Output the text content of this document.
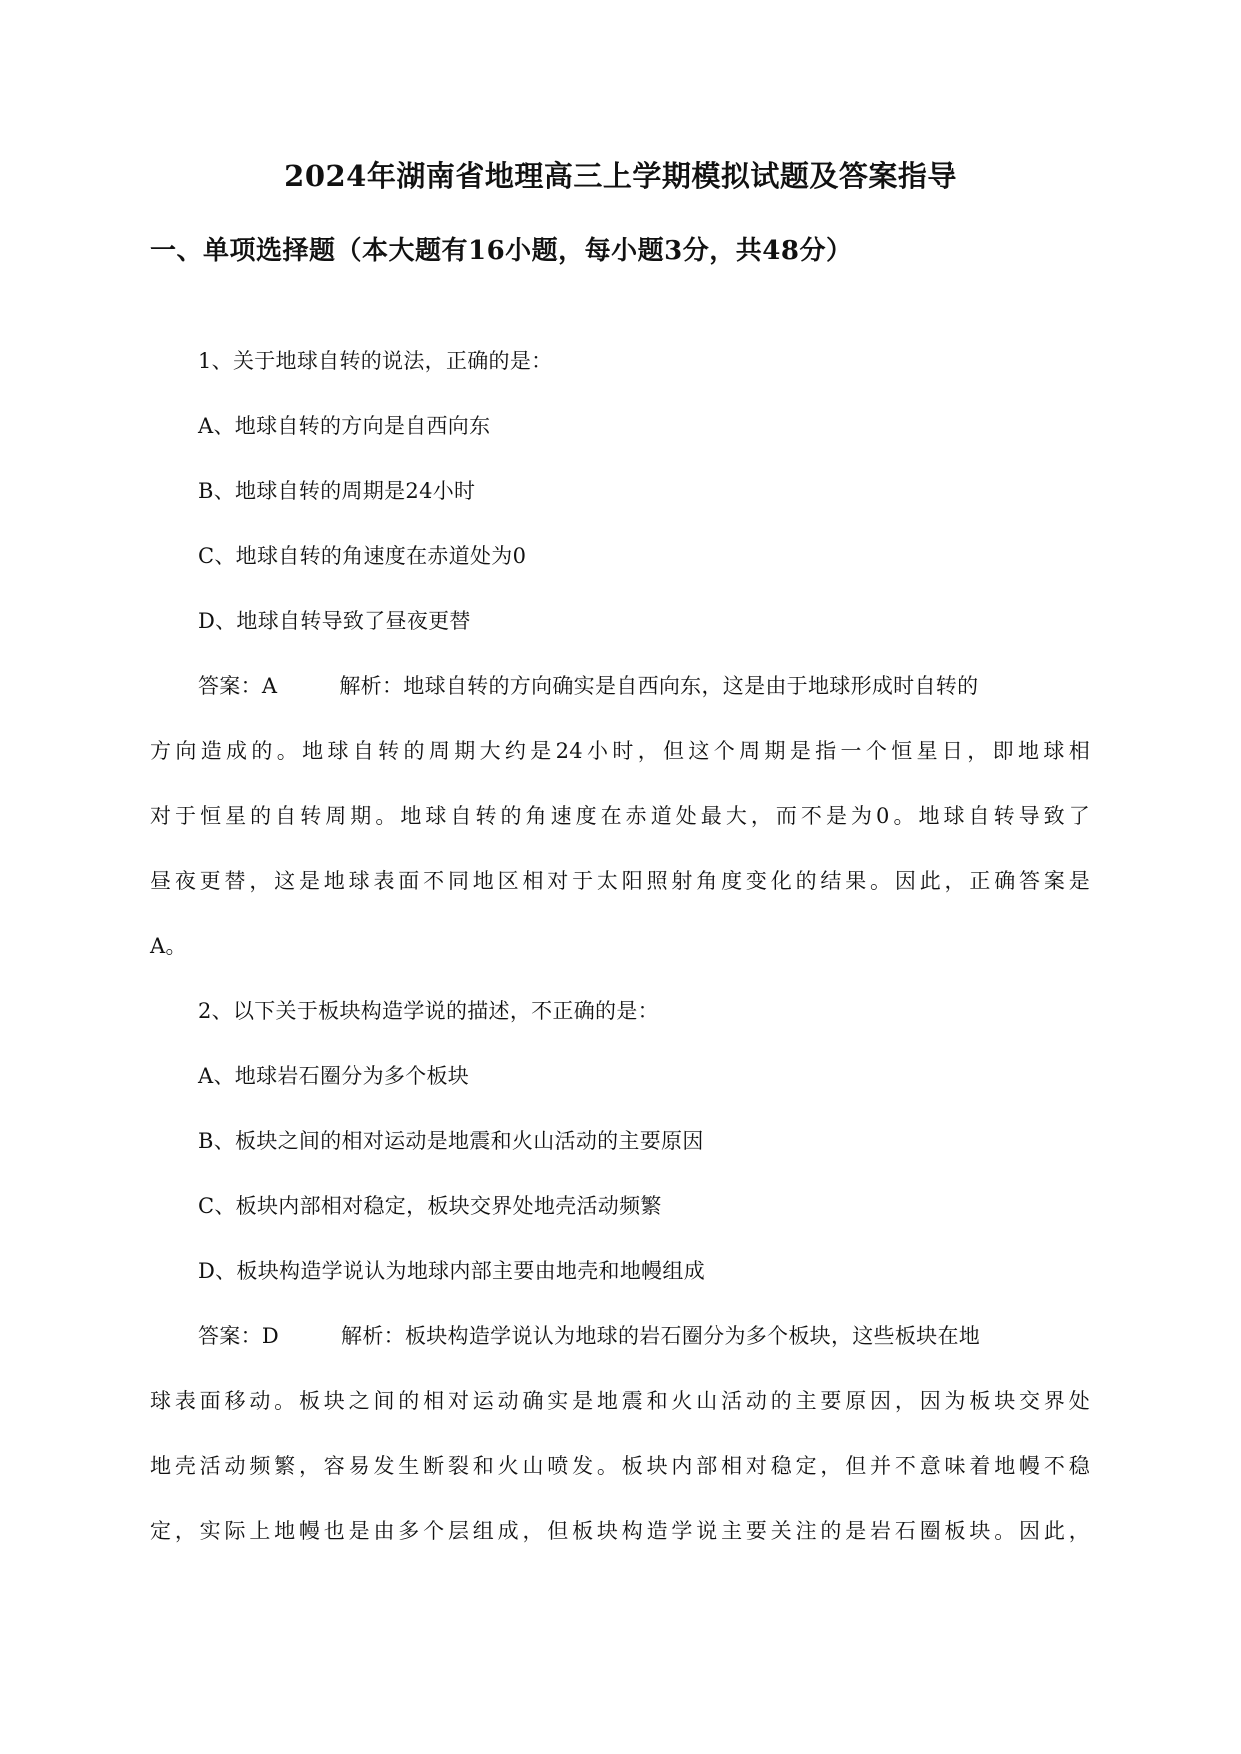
2024年湖南省地理高三上学期模拟试题及答案指导
一、单项选择题（本大题有16小题，每小题3分，共48分）
1、关于地球自转的说法，正确的是：
A、地球自转的方向是自西向东
B、地球自转的周期是24小时
C、地球自转的角速度在赤道处为0
D、地球自转导致了昼夜更替
答案：A	解析：地球自转的方向确实是自西向东，这是由于地球形成时自转的
方向造成的。地球自转的周期大约是24小时，但这个周期是指一个恒星日，即地球相
对于恒星的自转周期。地球自转的角速度在赤道处最大，而不是为0。地球自转导致了
昼夜更替，这是地球表面不同地区相对于太阳照射角度变化的结果。因此，正确答案是
A。
2、以下关于板块构造学说的描述，不正确的是：
A、地球岩石圈分为多个板块
B、板块之间的相对运动是地震和火山活动的主要原因
C、板块内部相对稳定，板块交界处地壳活动频繁
D、板块构造学说认为地球内部主要由地壳和地幔组成
答案：D	解析：板块构造学说认为地球的岩石圈分为多个板块，这些板块在地
球表面移动。板块之间的相对运动确实是地震和火山活动的主要原因，因为板块交界处
地壳活动频繁，容易发生断裂和火山喷发。板块内部相对稳定，但并不意味着地幔不稳
定，实际上地幔也是由多个层组成，但板块构造学说主要关注的是岩石圈板块。因此，
